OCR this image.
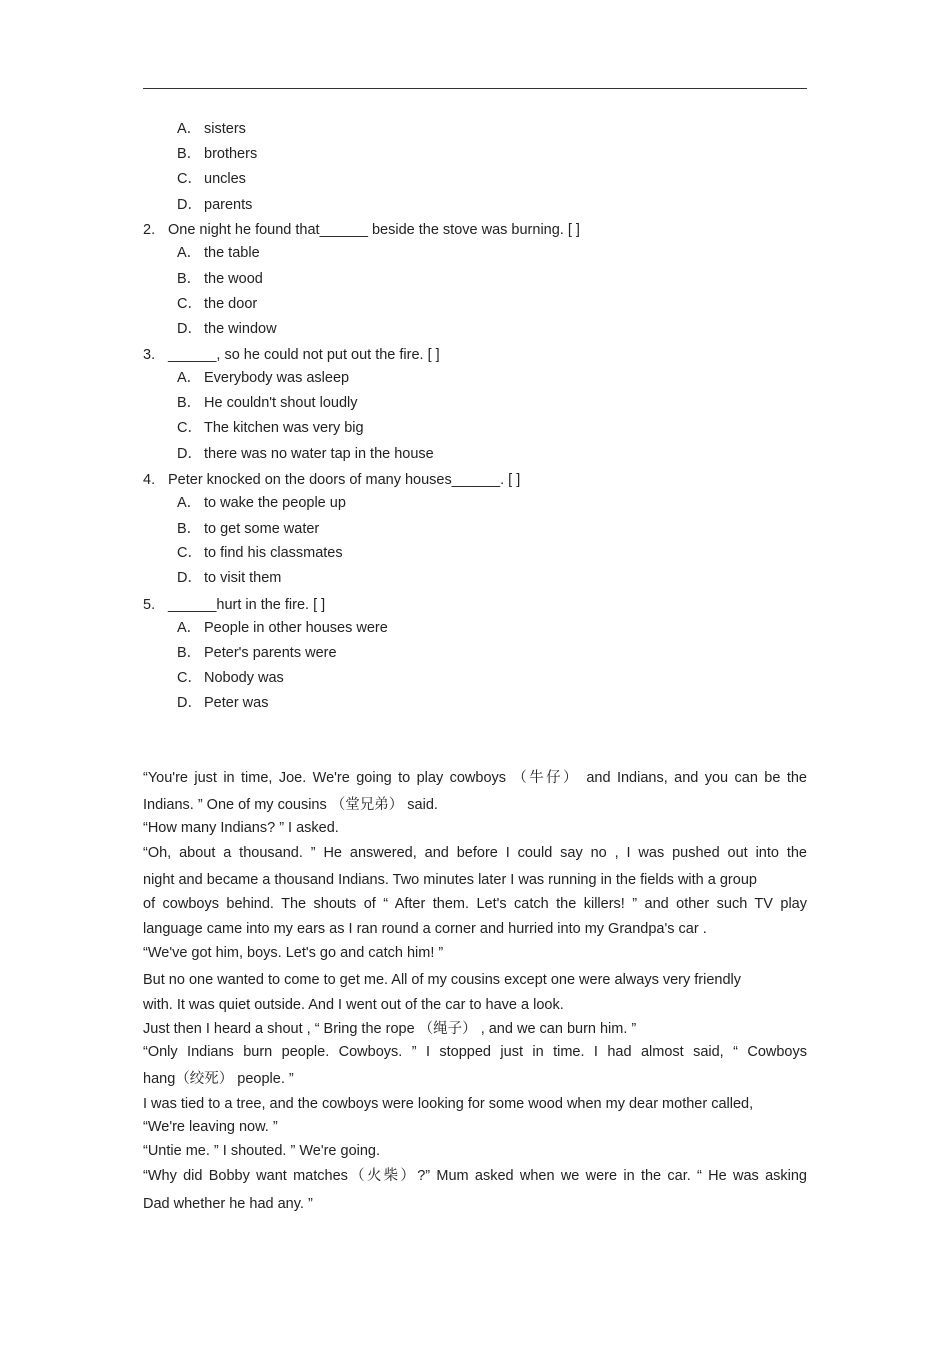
A． sisters
B． brothers
C． uncles
D． parents
2. One night he found that______ beside the stove was burning. [ ]
A． the table
B． the wood
C． the door
D． the window
3. ______, so he could not put out the fire. [ ]
A． Everybody was asleep
B． He couldn't shout loudly
C． The kitchen was very big
D． there was no water tap in the house
4. Peter knocked on the doors of many houses______. [ ]
A． to wake the people up
B． to get some water
C． to find his classmates
D． to visit them
5. ______hurt in the fire. [ ]
A． People in other houses were
B． Peter's parents were
C． Nobody was
D． Peter was
“You're just in time, Joe. We're going to play cowboys （牛仔） and Indians, and you can be the
Indians. ” One of my cousins （堂兄弟） said.
“How many Indians? ” I asked.
“Oh, about a thousand. ” He answered, and before I could say no , I was pushed out into the
night and became a thousand Indians. Two minutes later I was running in the fields with a group
of cowboys behind. The shouts of “ After them. Let's catch the killers! ” and other such TV play
language came into my ears as I ran round a corner and hurried into my Grandpa's car .
“We've got him, boys. Let's go and catch him! ”
But no one wanted to come to get me. All of my cousins except one were always very friendly
with. It was quiet outside. And I went out of the car to have a look.
Just then I heard a shout , “ Bring the rope （绳子） , and we can burn him. ”
“Only Indians burn people. Cowboys. ” I stopped just in time. I had almost said, “ Cowboys
hang（绞死） people. ”
I was tied to a tree, and the cowboys were looking for some wood when my dear mother called,
“We're leaving now. ”
“Untie me. ” I shouted. ” We're going.
“Why did Bobby want matches（火柴）?” Mum asked when we were in the car. “ He was asking
Dad whether he had any. ”
